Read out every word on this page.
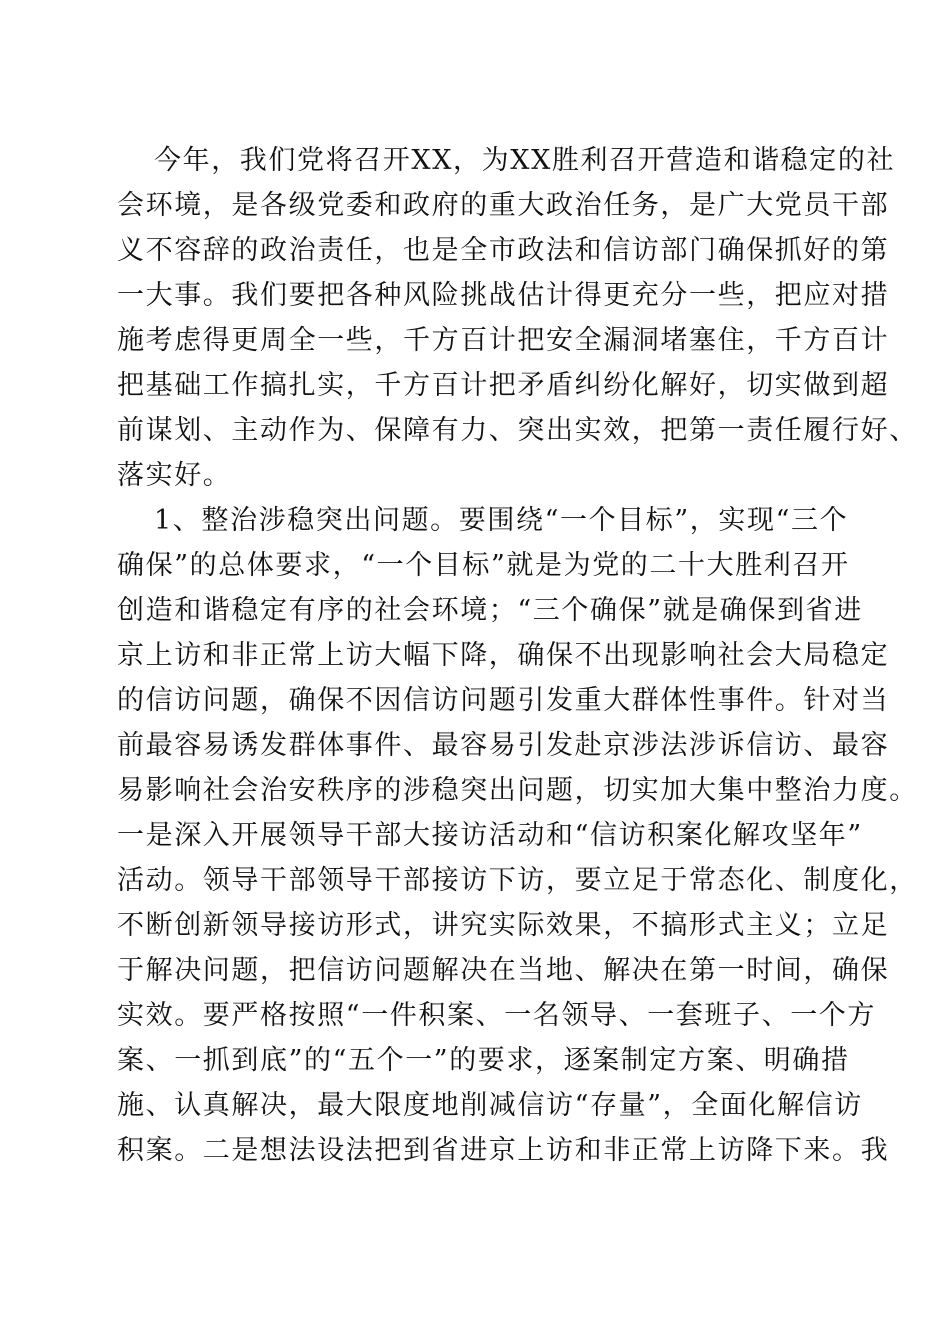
今年，我们党将召开XX，为XX胜利召开营造和谐稳定的社
会环境，是各级党委和政府的重大政治任务，是广大党员干部
义不容辞的政治责任，也是全市政法和信访部门确保抓好的第
一大事。我们要把各种风险挑战估计得更充分一些，把应对措
施考虑得更周全一些，千方百计把安全漏洞堵塞住，千方百计
把基础工作搞扎实，千方百计把矛盾纠纷化解好，切实做到超
前谋划、主动作为、保障有力、突出实效，把第一责任履行好、
落实好。
1、整治涉稳突出问题。要围绕“一个目标”，实现“三个
确保”的总体要求，“一个目标”就是为党的二十大胜利召开
创造和谐稳定有序的社会环境；“三个确保”就是确保到省进
京上访和非正常上访大幅下降，确保不出现影响社会大局稳定
的信访问题，确保不因信访问题引发重大群体性事件。针对当
前最容易诱发群体事件、最容易引发赴京涉法涉诉信访、最容
易影响社会治安秩序的涉稳突出问题，切实加大集中整治力度。
一是深入开展领导干部大接访活动和“信访积案化解攻坚年”
活动。领导干部领导干部接访下访，要立足于常态化、制度化，
不断创新领导接访形式，讲究实际效果，不搞形式主义；立足
于解决问题，把信访问题解决在当地、解决在第一时间，确保
实效。要严格按照“一件积案、一名领导、一套班子、一个方
案、一抓到底”的“五个一”的要求，逐案制定方案、明确措
施、认真解决，最大限度地削减信访“存量”，全面化解信访
积案。二是想法设法把到省进京上访和非正常上访降下来。我
